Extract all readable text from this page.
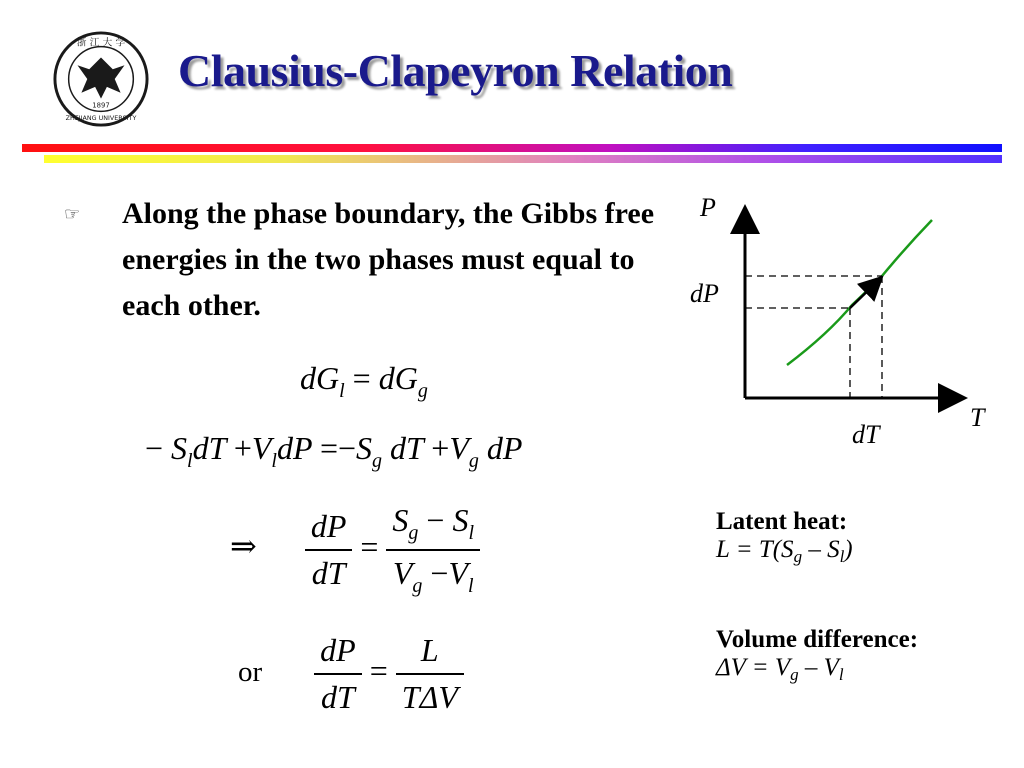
浙 江 大 学
1897
ZHEJIANG UNIVERSITY
Clausius-Clapeyron Relation
☞ Along the phase boundary, the Gibbs free energies in the two phases must equal to each other.
$dG_l = dG_g$
− $S_ldT +V_ldP =-S_g$ dT $+V_g$ dP
⇒ $\frac{dP}{dT} = \frac{S_g - S_l}{V_g -V_l}$
or $\frac{dP}{dT} = \frac{L}{\text{TΔV}}$
P
T
dP
dT
Latent heat:
$L = T(S_g - S_l)$
Volume difference:
$\Delta V = V_g - V_l$
